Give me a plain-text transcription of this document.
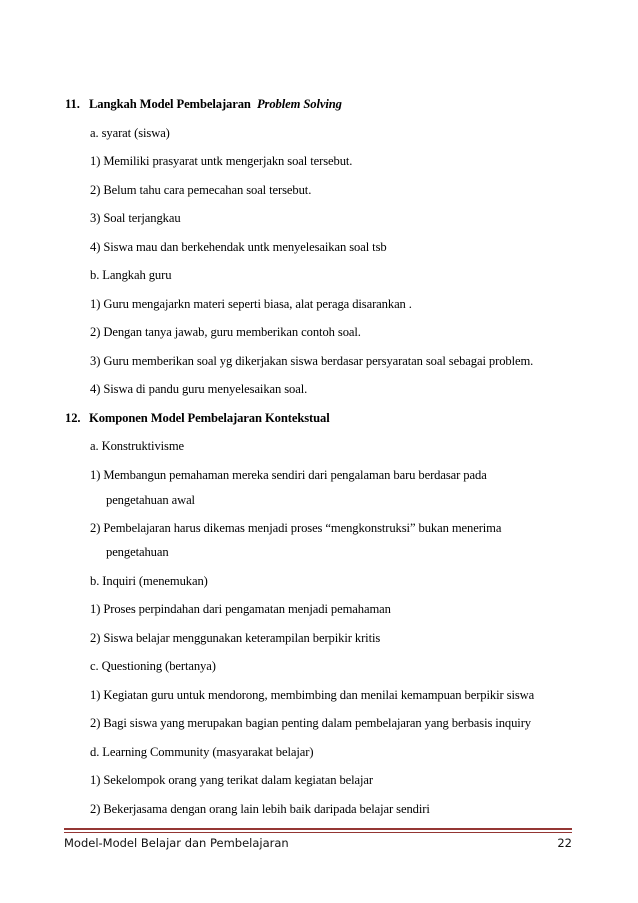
11. Langkah Model Pembelajaran Problem Solving
a. syarat (siswa)
1) Memiliki prasyarat untk mengerjakn soal tersebut.
2) Belum tahu cara pemecahan soal tersebut.
3) Soal terjangkau
4) Siswa mau dan berkehendak untk menyelesaikan soal tsb
b. Langkah guru
1) Guru mengajarkn materi seperti biasa, alat peraga disarankan .
2) Dengan tanya jawab, guru memberikan contoh soal.
3) Guru memberikan soal yg dikerjakan siswa berdasar persyaratan soal sebagai problem.
4) Siswa di pandu guru menyelesaikan soal.
12. Komponen Model Pembelajaran Kontekstual
a. Konstruktivisme
1) Membangun pemahaman mereka sendiri dari pengalaman baru berdasar pada
pengetahuan awal
2) Pembelajaran harus dikemas menjadi proses “mengkonstruksi” bukan menerima
pengetahuan
b. Inquiri (menemukan)
1) Proses perpindahan dari pengamatan menjadi pemahaman
2) Siswa belajar menggunakan keterampilan berpikir kritis
c. Questioning (bertanya)
1) Kegiatan guru untuk mendorong, membimbing dan menilai kemampuan berpikir siswa
2) Bagi siswa yang merupakan bagian penting dalam pembelajaran yang berbasis inquiry
d. Learning Community (masyarakat belajar)
1) Sekelompok orang yang terikat dalam kegiatan belajar
2) Bekerjasama dengan orang lain lebih baik daripada belajar sendiri
Model-Model Belajar dan Pembelajaran	22
